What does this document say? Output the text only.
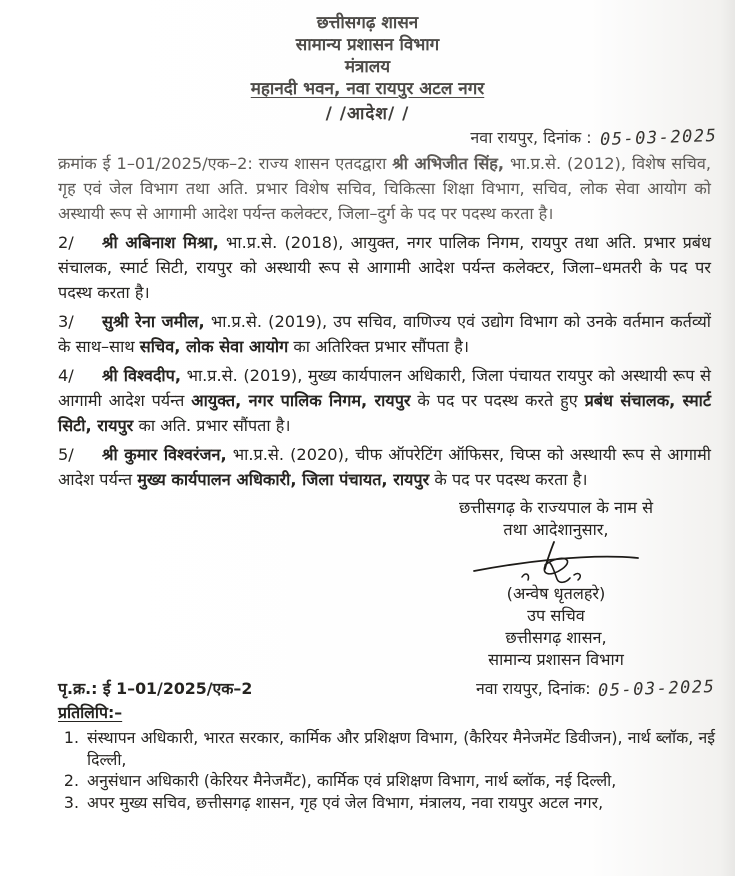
छत्तीसगढ़ शासन
सामान्य प्रशासन विभाग
मंत्रालय
महानदी भवन, नवा रायपुर अटल नगर
/ /आदेश/ /
नवा रायपुर, दिनांक : 05-03-2025

क्रमांक ई 1–01/2025/एक–2: राज्य शासन एतदद्वारा श्री अभिजीत सिंह, भा.प्र.से. (2012), विशेष सचिव, गृह एवं जेल विभाग तथा अति. प्रभार विशेष सचिव, चिकित्सा शिक्षा विभाग, सचिव, लोक सेवा आयोग को अस्थायी रूप से आगामी आदेश पर्यन्त कलेक्टर, जिला–दुर्ग के पद पर पदस्थ करता है।

2/ श्री अबिनाश मिश्रा, भा.प्र.से. (2018), आयुक्त, नगर पालिक निगम, रायपुर तथा अति. प्रभार प्रबंध संचालक, स्मार्ट सिटी, रायपुर को अस्थायी रूप से आगामी आदेश पर्यन्त कलेक्टर, जिला–धमतरी के पद पर पदस्थ करता है।

3/ सुश्री रेना जमील, भा.प्र.से. (2019), उप सचिव, वाणिज्य एवं उद्योग विभाग को उनके वर्तमान कर्तव्यों के साथ–साथ सचिव, लोक सेवा आयोग का अतिरिक्त प्रभार सौंपता है।

4/ श्री विश्वदीप, भा.प्र.से. (2019), मुख्य कार्यपालन अधिकारी, जिला पंचायत रायपुर को अस्थायी रूप से आगामी आदेश पर्यन्त आयुक्त, नगर पालिक निगम, रायपुर के पद पर पदस्थ करते हुए प्रबंध संचालक, स्मार्ट सिटी, रायपुर का अति. प्रभार सौंपता है।

5/ श्री कुमार विश्वरंजन, भा.प्र.से. (2020), चीफ ऑपरेटिंग ऑफिसर, चिप्स को अस्थायी रूप से आगामी आदेश पर्यन्त मुख्य कार्यपालन अधिकारी, जिला पंचायत, रायपुर के पद पर पदस्थ करता है।

छत्तीसगढ़ के राज्यपाल के नाम से
तथा आदेशानुसार,
(अन्वेष धृतलहरे)
उप सचिव
छत्तीसगढ़ शासन,
सामान्य प्रशासन विभाग
पृ.क्र.: ई 1–01/2025/एक–2	नवा रायपुर, दिनांक: 05-03-2025
प्रतिलिपि:–
1. संस्थापन अधिकारी, भारत सरकार, कार्मिक और प्रशिक्षण विभाग, (कैरियर मैनेजमेंट डिवीजन), नार्थ ब्लॉक, नई दिल्ली,
2. अनुसंधान अधिकारी (केरियर मैनेजमैंट), कार्मिक एवं प्रशिक्षण विभाग, नार्थ ब्लॉक, नई दिल्ली,
3. अपर मुख्य सचिव, छत्तीसगढ़ शासन, गृह एवं जेल विभाग, मंत्रालय, नवा रायपुर अटल नगर,
